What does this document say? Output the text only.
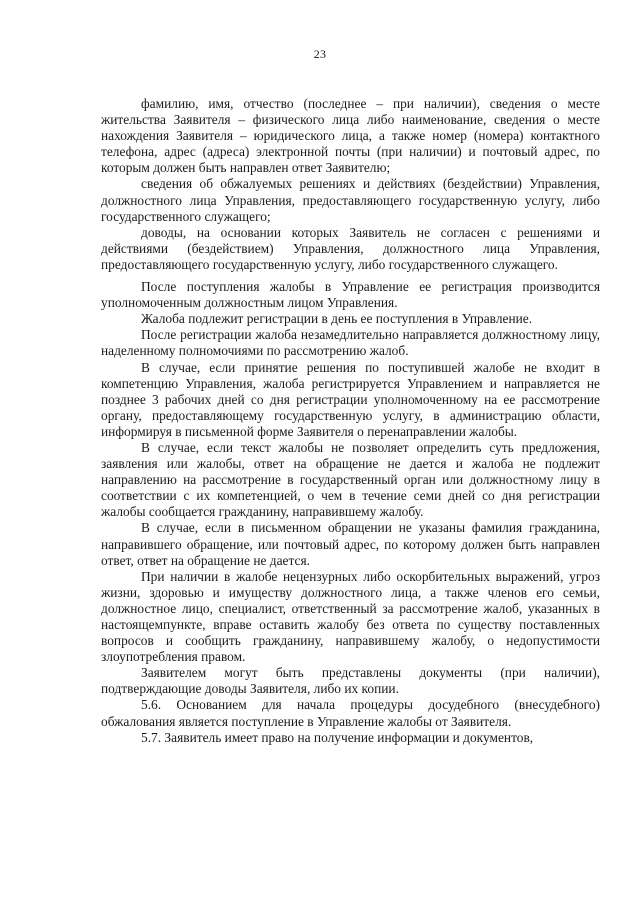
23

фамилию, имя, отчество (последнее – при наличии), сведения о месте жительства Заявителя – физического лица либо наименование, сведения о месте нахождения Заявителя – юридического лица, а также номер (номера) контактного телефона, адрес (адреса) электронной почты (при наличии) и почтовый адрес, по которым должен быть направлен ответ Заявителю;

сведения об обжалуемых решениях и действиях (бездействии) Управления, должностного лица Управления, предоставляющего государственную услугу, либо государственного служащего;

доводы, на основании которых Заявитель не согласен с решениями и действиями (бездействием) Управления, должностного лица Управления, предоставляющего государственную услугу, либо государственного служащего.

После поступления жалобы в Управление ее регистрация производится уполномоченным должностным лицом Управления.

Жалоба подлежит регистрации в день ее поступления в Управление.

После регистрации жалоба незамедлительно направляется должностному лицу, наделенному полномочиями по рассмотрению жалоб.

В случае, если принятие решения по поступившей жалобе не входит в компетенцию Управления, жалоба регистрируется Управлением и направляется не позднее 3 рабочих дней со дня регистрации уполномоченному на ее рассмотрение органу, предоставляющему государственную услугу, в администрацию области, информируя в письменной форме Заявителя о перенаправлении жалобы.

В случае, если текст жалобы не позволяет определить суть предложения, заявления или жалобы, ответ на обращение не дается и жалоба не подлежит направлению на рассмотрение в государственный орган или должностному лицу в соответствии с их компетенцией, о чем в течение семи дней со дня регистрации жалобы сообщается гражданину, направившему жалобу.

В случае, если в письменном обращении не указаны фамилия гражданина, направившего обращение, или почтовый адрес, по которому должен быть направлен ответ, ответ на обращение не дается.

При наличии в жалобе нецензурных либо оскорбительных выражений, угроз жизни, здоровью и имуществу должностного лица, а также членов его семьи, должностное лицо, специалист, ответственный за рассмотрение жалоб, указанных в настоящемпункте, вправе оставить жалобу без ответа по существу поставленных вопросов и сообщить гражданину, направившему жалобу, о недопустимости злоупотребления правом.

Заявителем могут быть представлены документы (при наличии), подтверждающие доводы Заявителя, либо их копии.

5.6. Основанием для начала процедуры досудебного (внесудебного) обжалования является поступление в Управление жалобы от Заявителя.

5.7. Заявитель имеет право на получение информации и документов,
